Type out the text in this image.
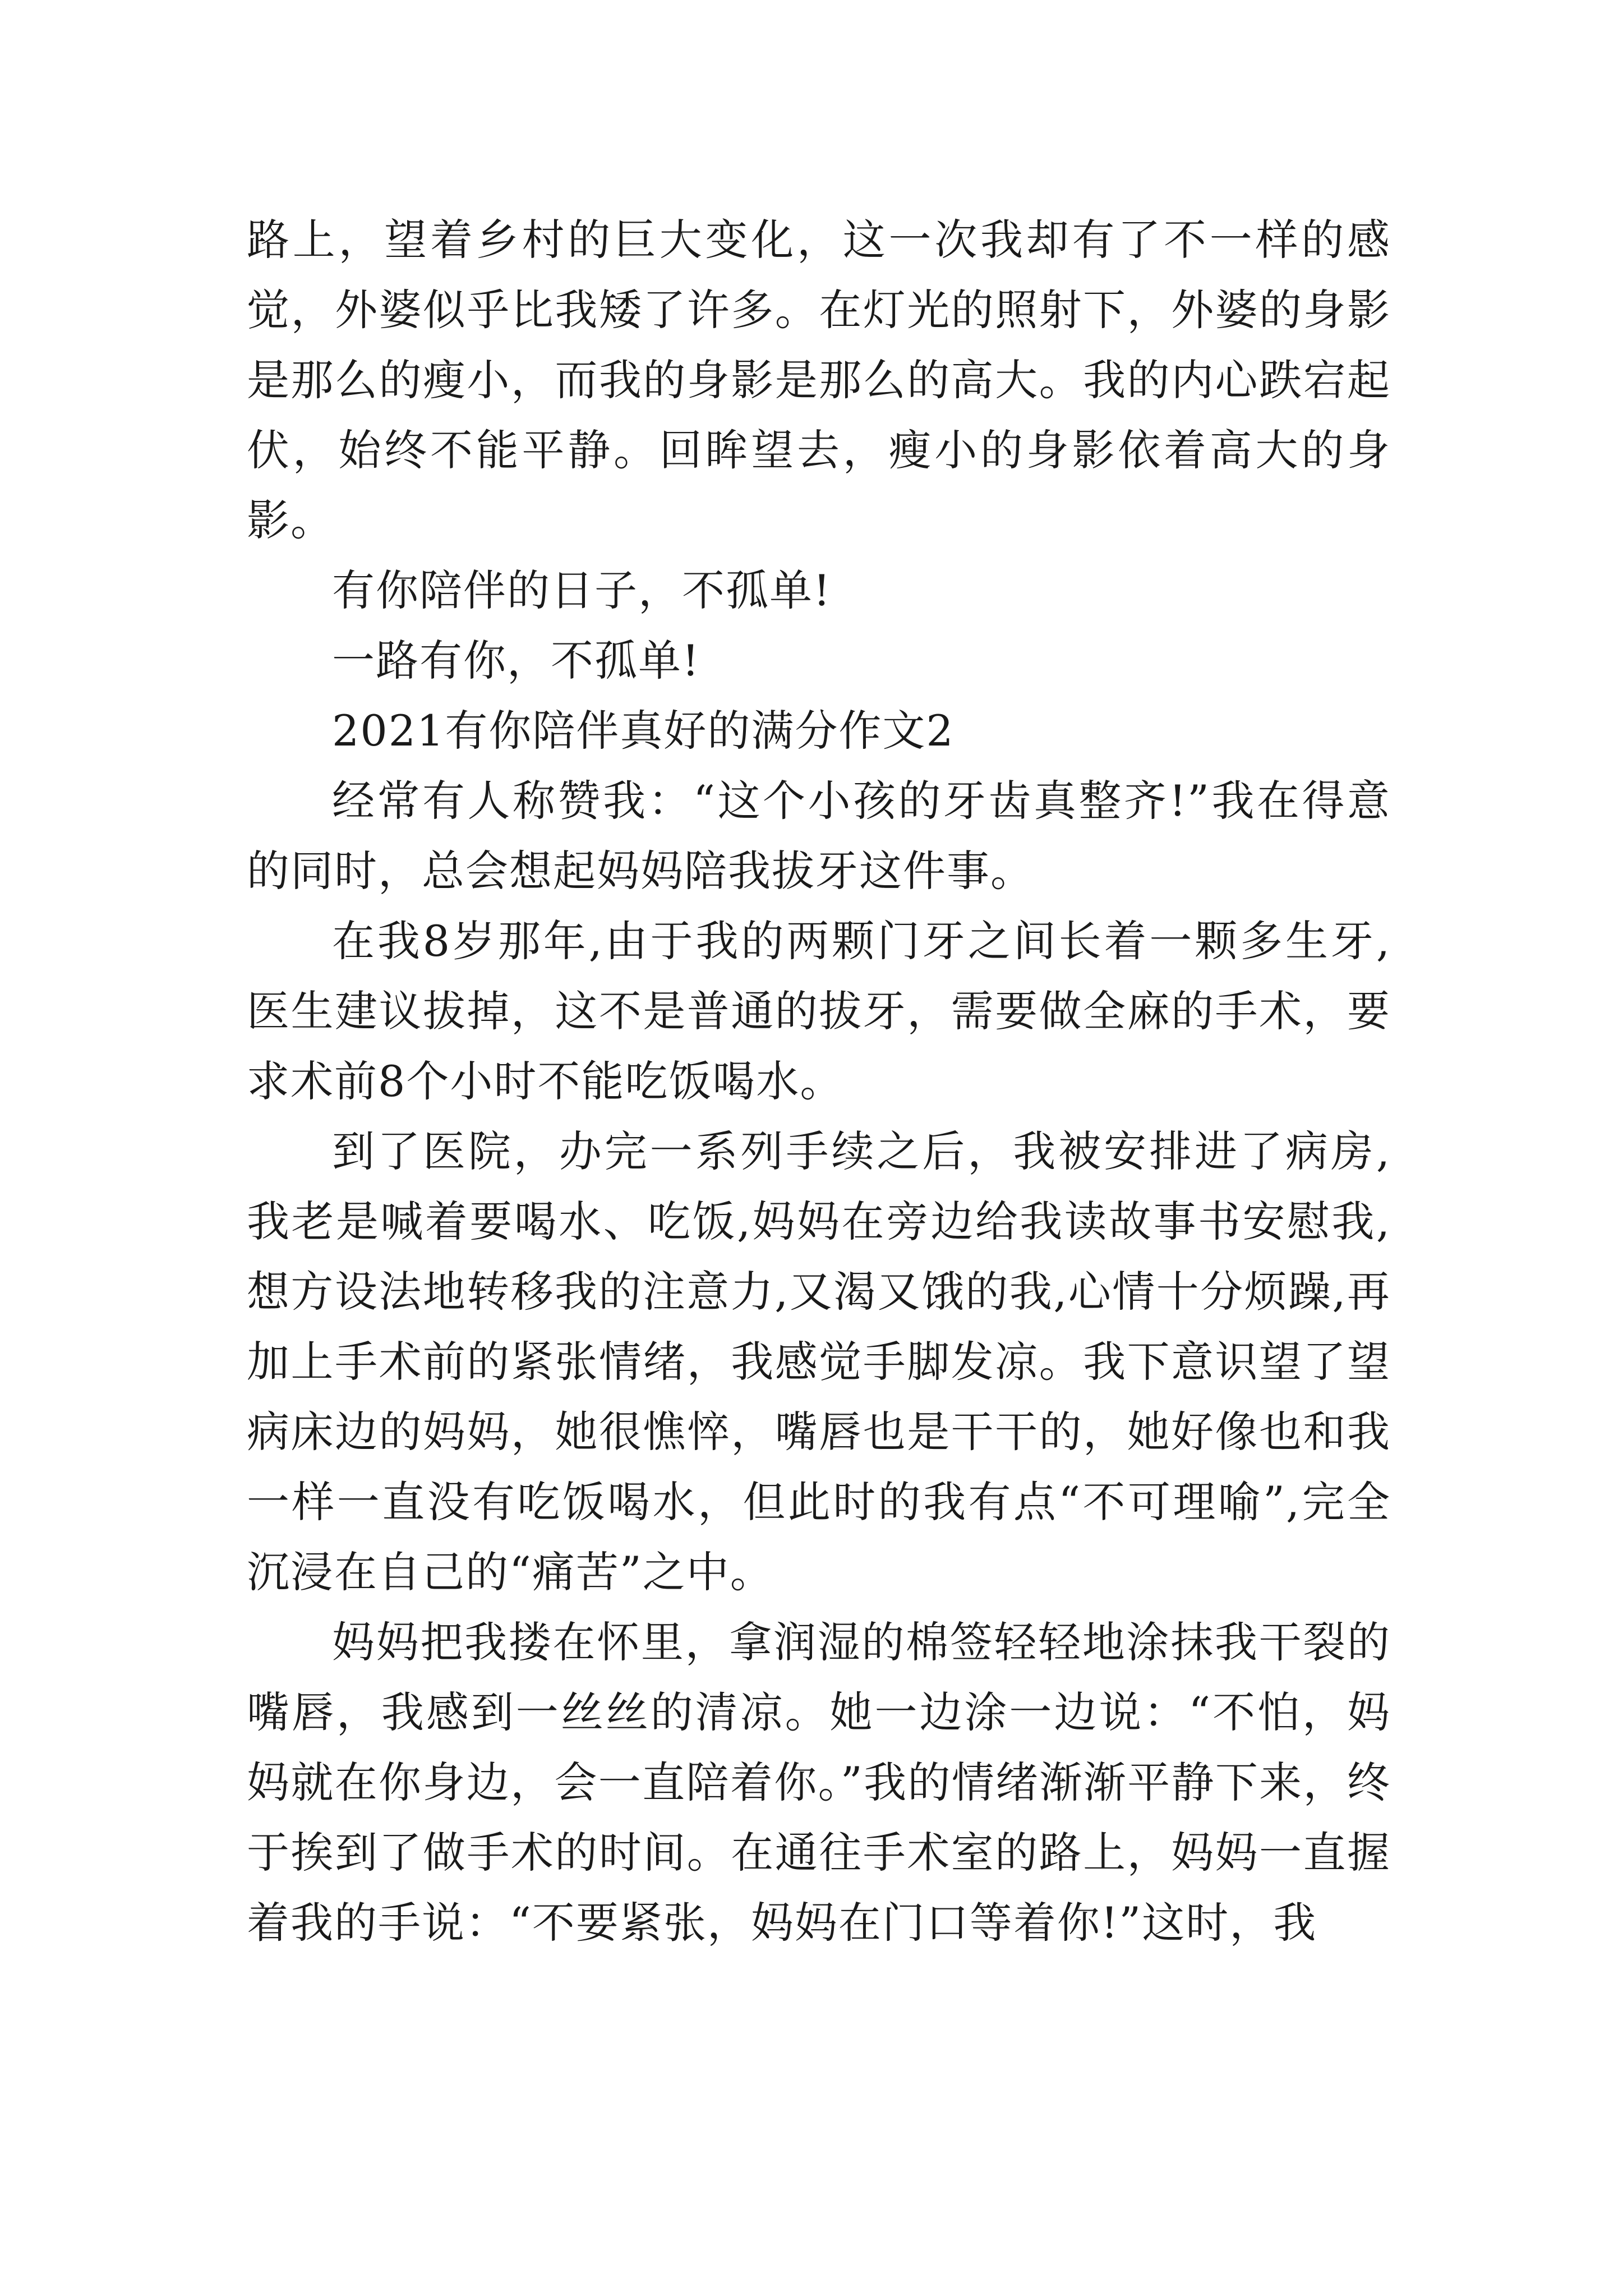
路上，望着乡村的巨大变化，这一次我却有了不一样的感觉，外婆似乎比我矮了许多。在灯光的照射下，外婆的身影是那么的瘦小，而我的身影是那么的高大。我的内心跌宕起伏，始终不能平静。回眸望去，瘦小的身影依着高大的身影。

有你陪伴的日子，不孤单!

一路有你，不孤单!

2021有你陪伴真好的满分作文2

经常有人称赞我：“这个小孩的牙齿真整齐!”我在得意的同时，总会想起妈妈陪我拔牙这件事。

在我8岁那年,由于我的两颗门牙之间长着一颗多生牙,医生建议拔掉，这不是普通的拔牙，需要做全麻的手术，要求术前8个小时不能吃饭喝水。

到了医院，办完一系列手续之后，我被安排进了病房,我老是喊着要喝水、吃饭,妈妈在旁边给我读故事书安慰我,想方设法地转移我的注意力,又渴又饿的我,心情十分烦躁,再加上手术前的紧张情绪，我感觉手脚发凉。我下意识望了望病床边的妈妈，她很憔悴，嘴唇也是干干的，她好像也和我一样一直没有吃饭喝水，但此时的我有点“不可理喻”,完全沉浸在自己的“痛苦”之中。

妈妈把我搂在怀里，拿润湿的棉签轻轻地涂抹我干裂的嘴唇，我感到一丝丝的清凉。她一边涂一边说：“不怕，妈妈就在你身边，会一直陪着你。”我的情绪渐渐平静下来，终于挨到了做手术的时间。在通往手术室的路上，妈妈一直握着我的手说：“不要紧张，妈妈在门口等着你!”这时，我
